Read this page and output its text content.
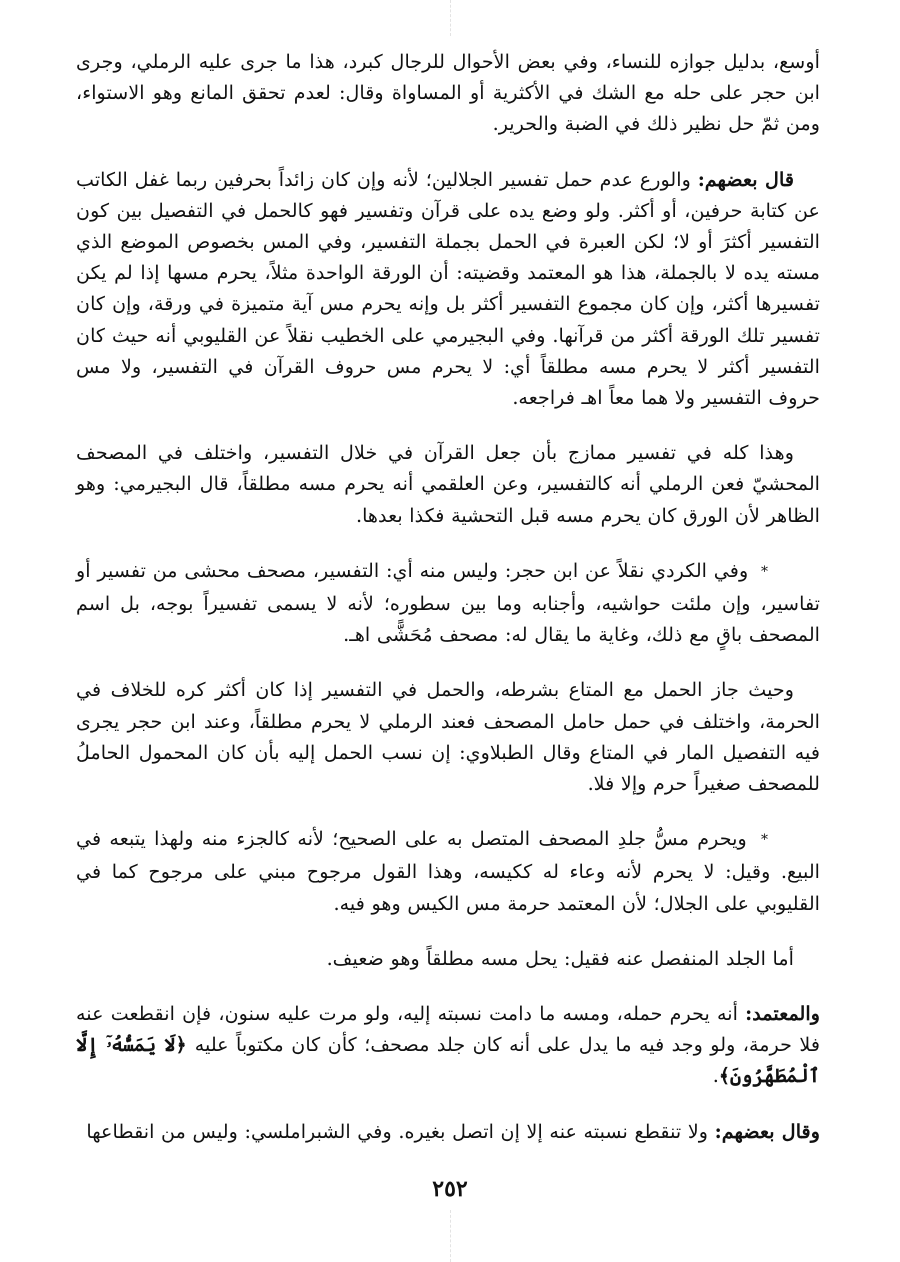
أوسع، بدليل جوازه للنساء، وفي بعض الأحوال للرجال كبرد، هذا ما جرى عليه الرملي، وجرى ابن حجر على حله مع الشك في الأكثرية أو المساواة وقال: لعدم تحقق المانع وهو الاستواء، ومن ثمّ حل نظير ذلك في الضبة والحرير.

قال بعضهم: والورع عدم حمل تفسير الجلالين؛ لأنه وإن كان زائداً بحرفين ربما غفل الكاتب عن كتابة حرفين، أو أكثر. ولو وضع يده على قرآن وتفسير فهو كالحمل في التفصيل بين كون التفسير أكثرَ أو لا؛ لكن العبرة في الحمل بجملة التفسير، وفي المس بخصوص الموضع الذي مسته يده لا بالجملة، هذا هو المعتمد وقضيته: أن الورقة الواحدة مثلاً، يحرم مسها إذا لم يكن تفسيرها أكثر، وإن كان مجموع التفسير أكثر بل وإنه يحرم مس آية متميزة في ورقة، وإن كان تفسير تلك الورقة أكثر من قرآنها. وفي البجيرمي على الخطيب نقلاً عن القليوبي أنه حيث كان التفسير أكثر لا يحرم مسه مطلقاً أي: لا يحرم مس حروف القرآن في التفسير، ولا مس حروف التفسير ولا هما معاً اهـ فراجعه.

وهذا كله في تفسير ممازج بأن جعل القرآن في خلال التفسير، واختلف في المصحف المحشيّ فعن الرملي أنه كالتفسير، وعن العلقمي أنه يحرم مسه مطلقاً، قال البجيرمي: وهو الظاهر لأن الورق كان يحرم مسه قبل التحشية فكذا بعدها.

* وفي الكردي نقلاً عن ابن حجر: وليس منه أي: التفسير، مصحف محشى من تفسير أو تفاسير، وإن ملئت حواشيه، وأجنابه وما بين سطوره؛ لأنه لا يسمى تفسيراً بوجه، بل اسم المصحف باقٍ مع ذلك، وغاية ما يقال له: مصحف مُحَشًّى اهـ.

وحيث جاز الحمل مع المتاع بشرطه، والحمل في التفسير إذا كان أكثر كره للخلاف في الحرمة، واختلف في حمل حامل المصحف فعند الرملي لا يحرم مطلقاً، وعند ابن حجر يجرى فيه التفصيل المار في المتاع وقال الطبلاوي: إن نسب الحمل إليه بأن كان المحمول الحاملُ للمصحف صغيراً حرم وإلا فلا.

* ويحرم مسُّ جلدِ المصحف المتصل به على الصحيح؛ لأنه كالجزء منه ولهذا يتبعه في البيع. وقيل: لا يحرم لأنه وعاء له ككيسه، وهذا القول مرجوح مبني على مرجوح كما في القليوبي على الجلال؛ لأن المعتمد حرمة مس الكيس وهو فيه.

أما الجلد المنفصل عنه فقيل: يحل مسه مطلقاً وهو ضعيف.

والمعتمد: أنه يحرم حمله، ومسه ما دامت نسبته إليه، ولو مرت عليه سنون، فإن انقطعت عنه فلا حرمة، ولو وجد فيه ما يدل على أنه كان جلد مصحف؛ كأن كان مكتوباً عليه ﴿لَا يَمَسُّهُۥٓ إِلَّا ٱلْمُطَهَّرُونَ﴾.

وقال بعضهم: ولا تنقطع نسبته عنه إلا إن اتصل بغيره. وفي الشبراملسي: وليس من انقطاعها

٢٥٢
